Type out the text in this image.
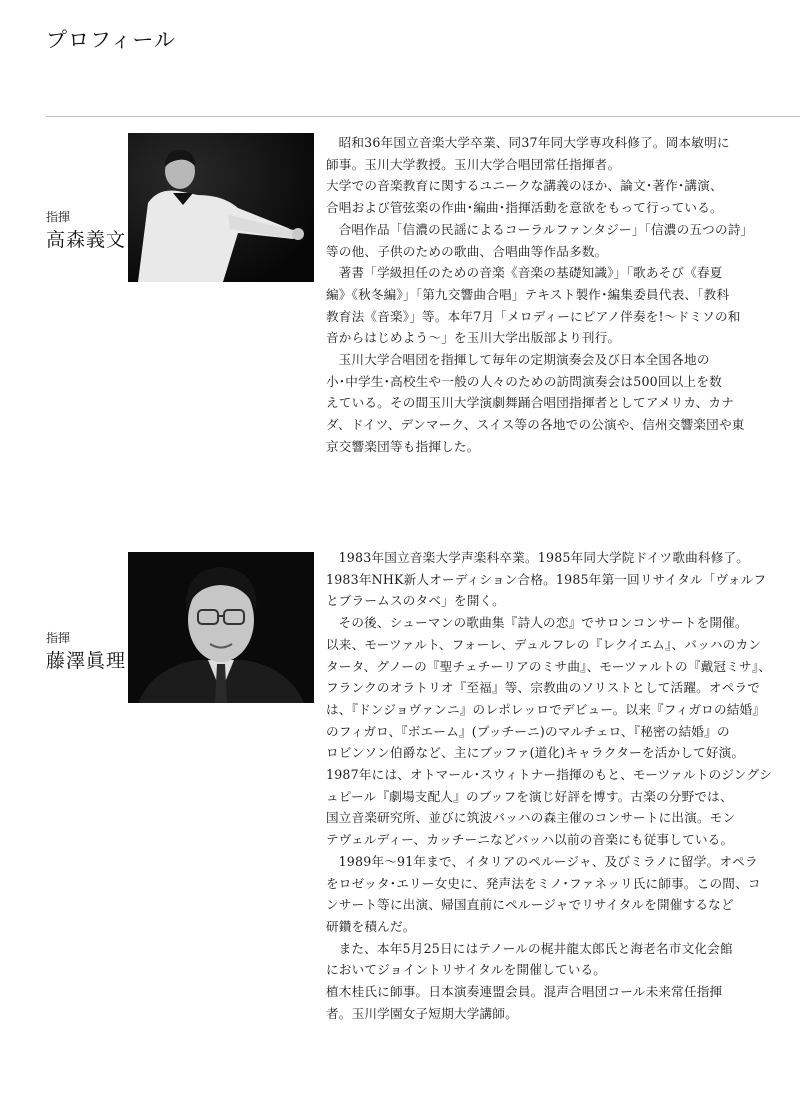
プロフィール
指揮
高森義文

昭和36年国立音楽大学卒業、同37年同大学専攻科修了。岡本敏明に

師事。玉川大学教授。玉川大学合唱団常任指揮者。

大学での音楽教育に関するユニークな講義のほか、論文･著作･講演、

合唱および管弦楽の作曲･編曲･指揮活動を意欲をもって行っている。

合唱作品「信濃の民謡によるコーラルファンタジー」「信濃の五つの詩」

等の他、子供のための歌曲、合唱曲等作品多数。

著書「学級担任のための音楽《音楽の基礎知識》」「歌あそび《春夏

編》《秋冬編》」「第九交響曲合唱」テキスト製作･編集委員代表、「教科

教育法《音楽》」等。本年7月「メロディーにピアノ伴奏を!～ドミソの和

音からはじめよう～」を玉川大学出版部より刊行。

玉川大学合唱団を指揮して毎年の定期演奏会及び日本全国各地の

小･中学生･高校生や一般の人々のための訪問演奏会は500回以上を数

えている。その間玉川大学演劇舞踊合唱団指揮者としてアメリカ、カナ

ダ、ドイツ、デンマーク、スイス等の各地での公演や、信州交響楽団や東

京交響楽団等も指揮した。

指揮
藤澤眞理

1983年国立音楽大学声楽科卒業。1985年同大学院ドイツ歌曲科修了。

1983年NHK新人オーディション合格。1985年第一回リサイタル「ヴォルフ

とブラームスのタベ」を開く。

その後、シューマンの歌曲集『詩人の恋』でサロンコンサートを開催。

以来、モーツァルト、フォーレ、デュルフレの『レクイエム』、バッハのカン

タータ、グノーの『聖チェチーリアのミサ曲』、モーツァルトの『戴冠ミサ』、

フランクのオラトリオ『至福』等、宗教曲のソリストとして活躍。オペラで

は、『ドンジョヴァンニ』のレポレッロでデビュー。以来『フィガロの結婚』

のフィガロ、『ボエーム』(プッチーニ)のマルチェロ、『秘密の結婚』の

ロビンソン伯爵など、主にブッファ(道化)キャラクターを活かして好演。

1987年には、オトマール･スウィトナー指揮のもと、モーツァルトのジングシ

ュピール『劇場支配人』のブッフを演じ好評を博す。古楽の分野では、

国立音楽研究所、並びに筑波バッハの森主催のコンサートに出演。モン

テヴェルディー、カッチーニなどバッハ以前の音楽にも従事している。

1989年～91年まで、イタリアのペルージャ、及びミラノに留学。オペラ

をロゼッタ･エリー女史に、発声法をミノ･ファネッリ氏に師事。この間、コ

ンサート等に出演、帰国直前にペルージャでリサイタルを開催するなど

研鑽を積んだ。

また、本年5月25日にはテノールの梶井龍太郎氏と海老名市文化会館

においてジョイントリサイタルを開催している。

植木桂氏に師事。日本演奏連盟会員。混声合唱団コール未来常任指揮

者。玉川学園女子短期大学講師。
